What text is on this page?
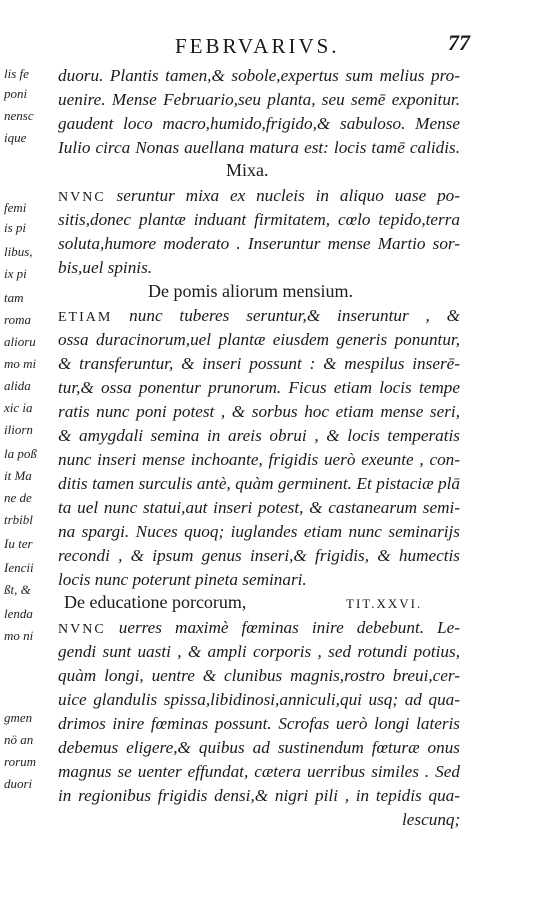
lis fe
poni
nensc
ique
femi
is pi
libus,
ix pi
tam
roma
alioru
mo mi
alida
xic ia
iliorn
la poß
it Ma
ne de
trbibl
Iu ter
Iencii
ßt, &
lenda
mo ni
gmen
nö an
rorum
duori
FEBRVARIVS.	77
duoru. Plantis tamen,& sobole,expertus sum melius pro-
uenire. Mense Februario,seu planta, seu semē exponitur.
gaudent loco macro,humido,frigido,& sabuloso. Mense
Iulio circa Nonas auellana matura est: locis tamē calidis.
Mixa.
NVNC seruntur mixa ex nucleis in aliquo uase po-
sitis,donec plantæ induant firmitatem, cœlo tepido,terra
soluta,humore moderato . Inseruntur mense Martio sor-
bis,uel spinis.
De pomis aliorum mensium.
ETIAM nunc tuberes seruntur,& inseruntur , &
ossa duracinorum,uel plantæ eiusdem generis ponuntur,
& transferuntur, & inseri possunt : & mespilus inserē-
tur,& ossa ponentur prunorum. Ficus etiam locis tempe
ratis nunc poni potest , & sorbus hoc etiam mense seri,
& amygdali semina in areis obrui , & locis temperatis
nunc inseri mense inchoante, frigidis uerò exeunte , con-
ditis tamen surculis antè, quàm germinent. Et pistaciæ plā
ta uel nunc statui,aut inseri potest, & castanearum semi-
na spargi. Nuces quoq; iuglandes etiam nunc seminarijs
recondi , & ipsum genus inseri,& frigidis, & humectis
locis nunc poterunt pineta seminari.
De educatione porcorum,	TIT.XXVI.
NVNC uerres maximè fœminas inire debebunt. Le-
gendi sunt uasti , & ampli corporis , sed rotundi potius,
quàm longi, uentre & clunibus magnis,rostro breui,cer-
uice glandulis spissa,libidinosi,anniculi,qui usq; ad qua-
drimos inire fœminas possunt. Scrofas uerò longi lateris
debemus eligere,& quibus ad sustinendum fœturæ onus
magnus se uenter effundat, cætera uerribus similes . Sed
in regionibus frigidis densi,& nigri pili , in tepidis qua-
lescunq;
